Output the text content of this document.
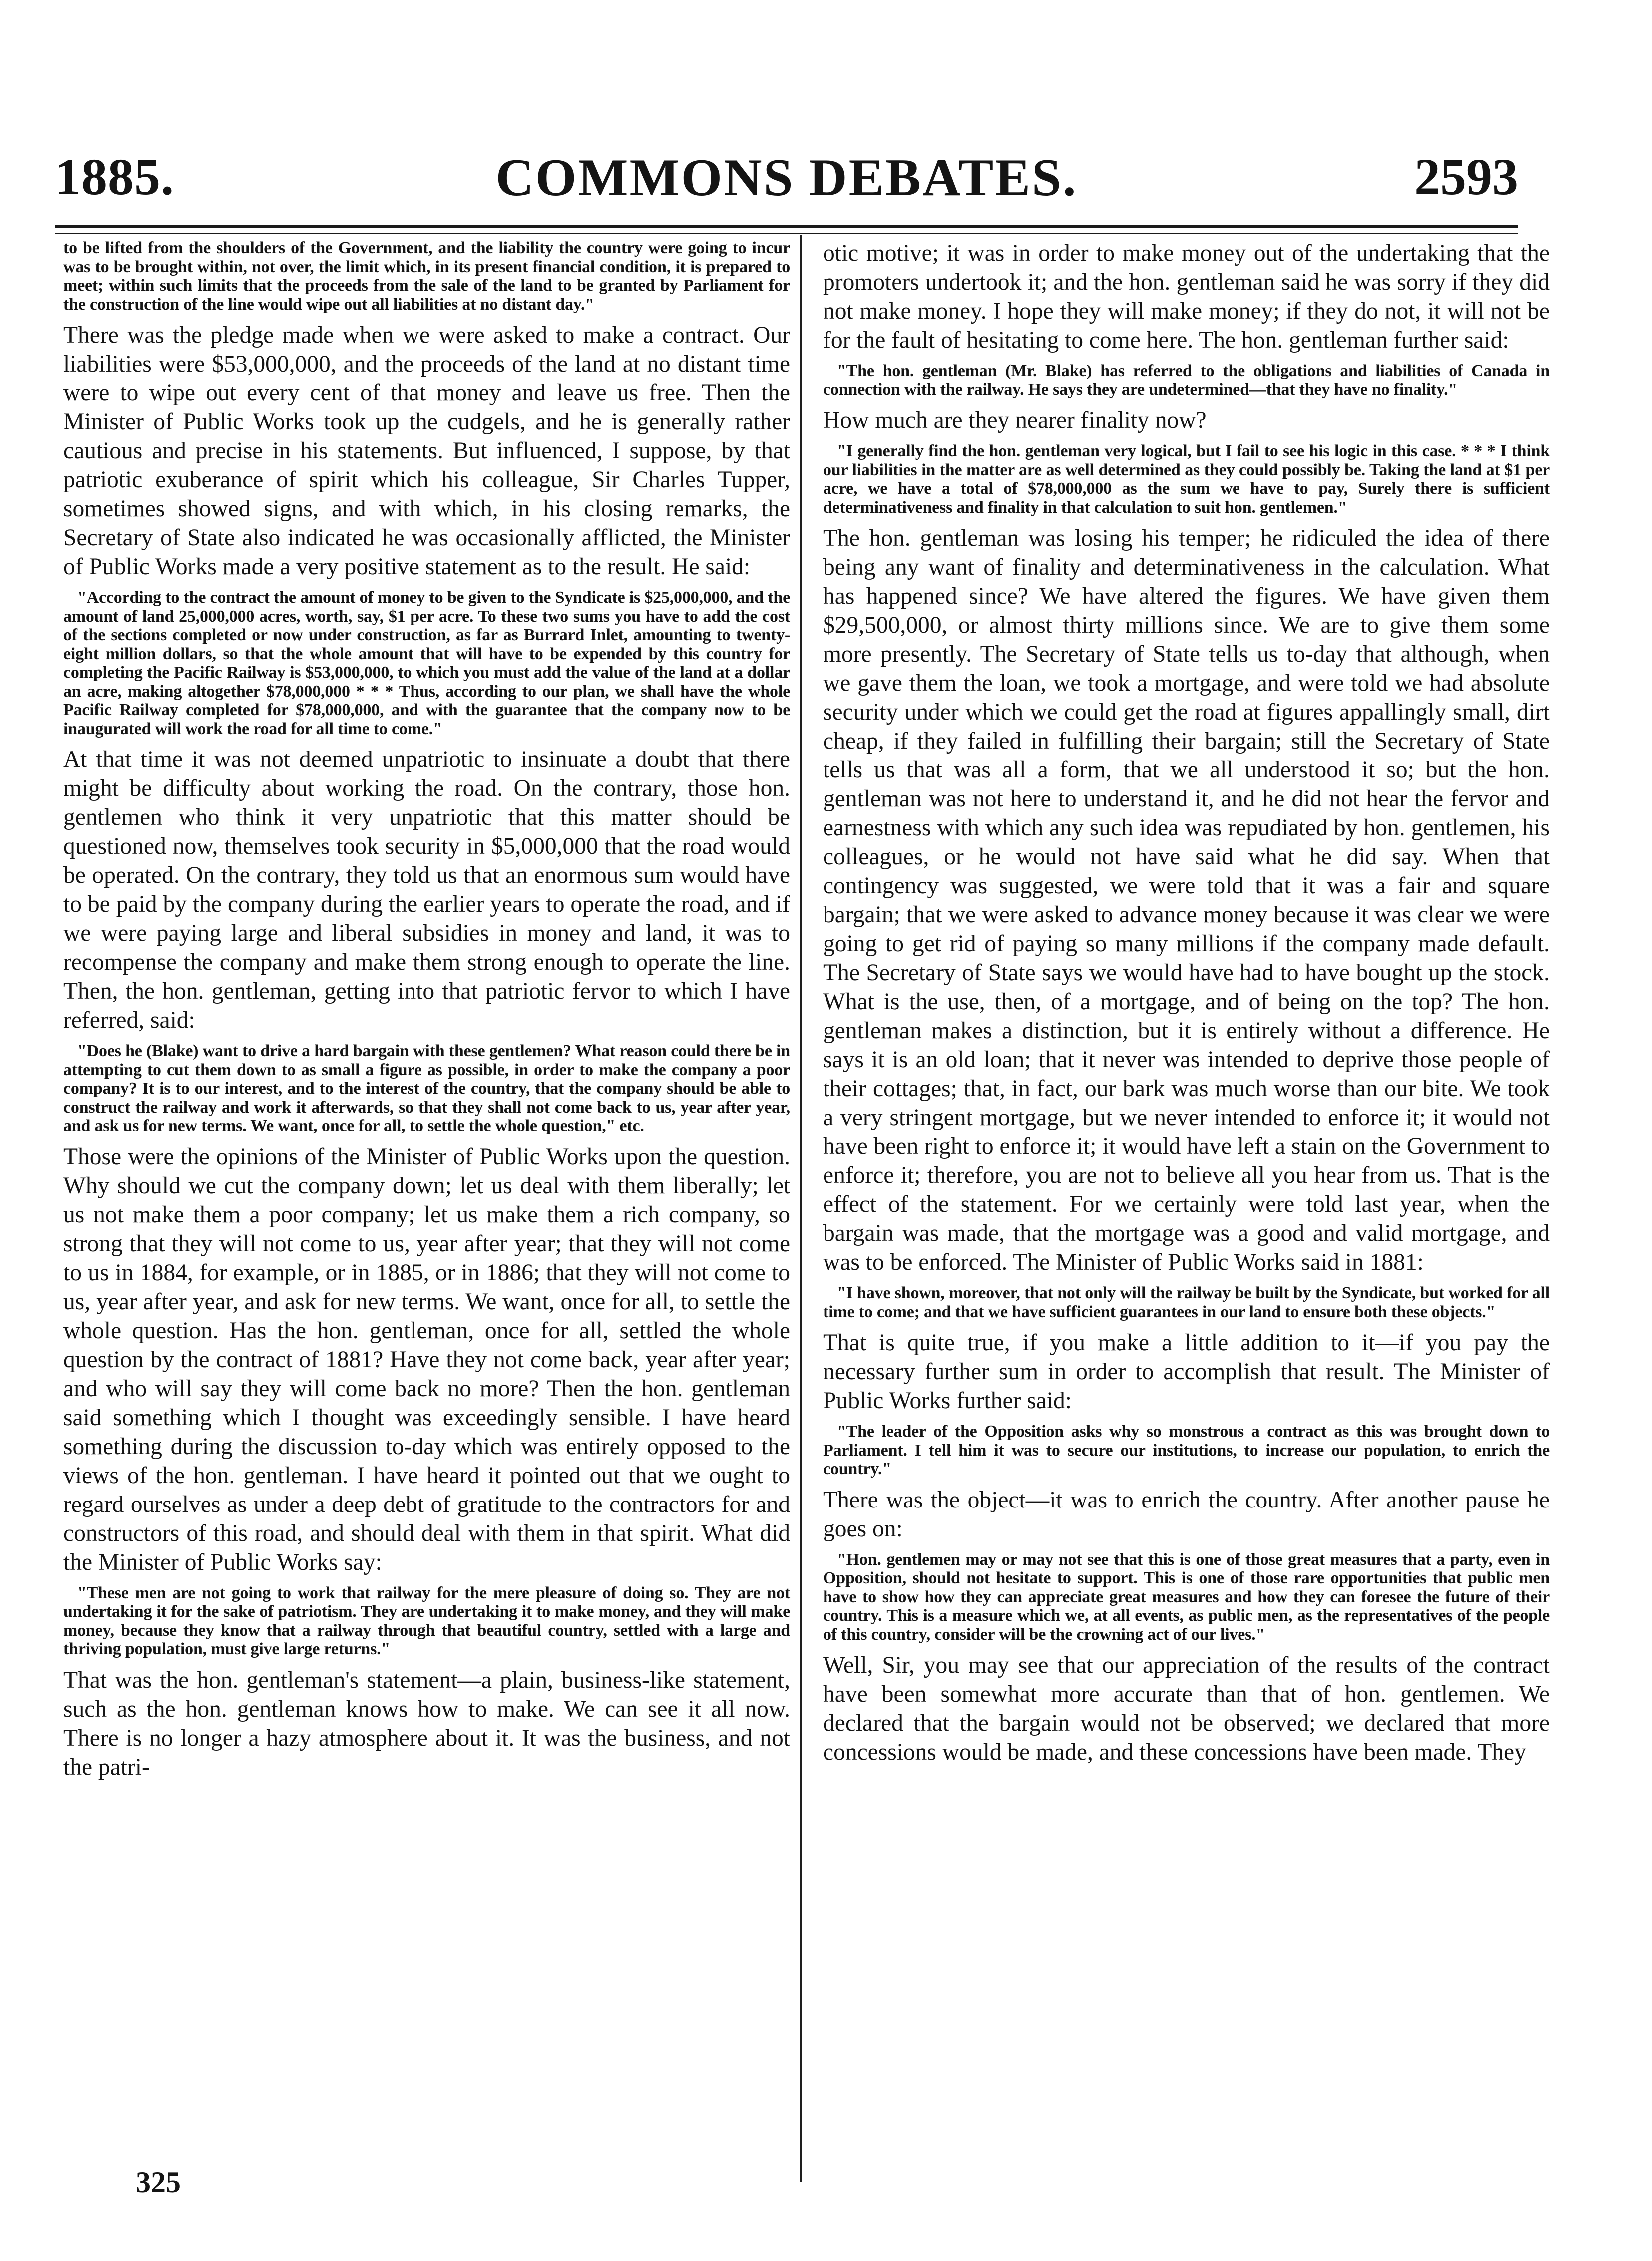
1885.	COMMONS DEBATES.	2593

to be lifted from the shoulders of the Government, and the liability the country were going to incur was to be brought within, not over, the limit which, in its present financial condition, it is prepared to meet; within such limits that the proceeds from the sale of the land to be granted by Parliament for the construction of the line would wipe out all liabilities at no distant day."

There was the pledge made when we were asked to make a contract. Our liabilities were $53,000,000, and the proceeds of the land at no distant time were to wipe out every cent of that money and leave us free. Then the Minister of Public Works took up the cudgels, and he is generally rather cautious and precise in his statements. But influenced, I suppose, by that patriotic exuberance of spirit which his colleague, Sir Charles Tupper, sometimes showed signs, and with which, in his closing remarks, the Secretary of State also indicated he was occasionally afflicted, the Minister of Public Works made a very positive statement as to the result. He said:

"According to the contract the amount of money to be given to the Syndicate is $25,000,000, and the amount of land 25,000,000 acres, worth, say, $1 per acre. To these two sums you have to add the cost of the sections completed or now under construction, as far as Burrard Inlet, amounting to twenty-eight million dollars, so that the whole amount that will have to be expended by this country for completing the Pacific Railway is $53,000,000, to which you must add the value of the land at a dollar an acre, making altogether $78,000,000 * * * Thus, according to our plan, we shall have the whole Pacific Railway completed for $78,000,000, and with the guarantee that the company now to be inaugurated will work the road for all time to come."

At that time it was not deemed unpatriotic to insinuate a doubt that there might be difficulty about working the road. On the contrary, those hon. gentlemen who think it very unpatriotic that this matter should be questioned now, themselves took security in $5,000,000 that the road would be operated. On the contrary, they told us that an enormous sum would have to be paid by the company during the earlier years to operate the road, and if we were paying large and liberal subsidies in money and land, it was to recompense the company and make them strong enough to operate the line. Then, the hon. gentleman, getting into that patriotic fervor to which I have referred, said:

"Does he (Blake) want to drive a hard bargain with these gentlemen? What reason could there be in attempting to cut them down to as small a figure as possible, in order to make the company a poor company? It is to our interest, and to the interest of the country, that the company should be able to construct the railway and work it afterwards, so that they shall not come back to us, year after year, and ask us for new terms. We want, once for all, to settle the whole question," etc.

Those were the opinions of the Minister of Public Works upon the question. Why should we cut the company down; let us deal with them liberally; let us not make them a poor company; let us make them a rich company, so strong that they will not come to us, year after year; that they will not come to us in 1884, for example, or in 1885, or in 1886; that they will not come to us, year after year, and ask for new terms. We want, once for all, to settle the whole question. Has the hon. gentleman, once for all, settled the whole question by the contract of 1881? Have they not come back, year after year; and who will say they will come back no more? Then the hon. gentleman said something which I thought was exceedingly sensible. I have heard something during the discussion to-day which was entirely opposed to the views of the hon. gentleman. I have heard it pointed out that we ought to regard ourselves as under a deep debt of gratitude to the contractors for and constructors of this road, and should deal with them in that spirit. What did the Minister of Public Works say:

"These men are not going to work that railway for the mere pleasure of doing so. They are not undertaking it for the sake of patriotism. They are undertaking it to make money, and they will make money, because they know that a railway through that beautiful country, settled with a large and thriving population, must give large returns."

That was the hon. gentleman's statement—a plain, business-like statement, such as the hon. gentleman knows how to make. We can see it all now. There is no longer a hazy atmosphere about it. It was the business, and not the patri-

otic motive; it was in order to make money out of the undertaking that the promoters undertook it; and the hon. gentleman said he was sorry if they did not make money. I hope they will make money; if they do not, it will not be for the fault of hesitating to come here. The hon. gentleman further said:

"The hon. gentleman (Mr. Blake) has referred to the obligations and liabilities of Canada in connection with the railway. He says they are undetermined—that they have no finality."

How much are they nearer finality now?

"I generally find the hon. gentleman very logical, but I fail to see his logic in this case. * * * I think our liabilities in the matter are as well determined as they could possibly be. Taking the land at $1 per acre, we have a total of $78,000,000 as the sum we have to pay, Surely there is sufficient determinativeness and finality in that calculation to suit hon. gentlemen."

The hon. gentleman was losing his temper; he ridiculed the idea of there being any want of finality and determinativeness in the calculation. What has happened since? We have altered the figures. We have given them $29,500,000, or almost thirty millions since. We are to give them some more presently. The Secretary of State tells us to-day that although, when we gave them the loan, we took a mortgage, and were told we had absolute security under which we could get the road at figures appallingly small, dirt cheap, if they failed in fulfilling their bargain; still the Secretary of State tells us that was all a form, that we all understood it so; but the hon. gentleman was not here to understand it, and he did not hear the fervor and earnestness with which any such idea was repudiated by hon. gentlemen, his colleagues, or he would not have said what he did say. When that contingency was suggested, we were told that it was a fair and square bargain; that we were asked to advance money because it was clear we were going to get rid of paying so many millions if the company made default. The Secretary of State says we would have had to have bought up the stock. What is the use, then, of a mortgage, and of being on the top? The hon. gentleman makes a distinction, but it is entirely without a difference. He says it is an old loan; that it never was intended to deprive those people of their cottages; that, in fact, our bark was much worse than our bite. We took a very stringent mortgage, but we never intended to enforce it; it would not have been right to enforce it; it would have left a stain on the Government to enforce it; therefore, you are not to believe all you hear from us. That is the effect of the statement. For we certainly were told last year, when the bargain was made, that the mortgage was a good and valid mortgage, and was to be enforced. The Minister of Public Works said in 1881:

"I have shown, moreover, that not only will the railway be built by the Syndicate, but worked for all time to come; and that we have sufficient guarantees in our land to ensure both these objects."

That is quite true, if you make a little addition to it—if you pay the necessary further sum in order to accomplish that result. The Minister of Public Works further said:

"The leader of the Opposition asks why so monstrous a contract as this was brought down to Parliament. I tell him it was to secure our institutions, to increase our population, to enrich the country."

There was the object—it was to enrich the country. After another pause he goes on:

"Hon. gentlemen may or may not see that this is one of those great measures that a party, even in Opposition, should not hesitate to support. This is one of those rare opportunities that public men have to show how they can appreciate great measures and how they can foresee the future of their country. This is a measure which we, at all events, as public men, as the representatives of the people of this country, consider will be the crowning act of our lives."

Well, Sir, you may see that our appreciation of the results of the contract have been somewhat more accurate than that of hon. gentlemen. We declared that the bargain would not be observed; we declared that more concessions would be made, and these concessions have been made. They

325
